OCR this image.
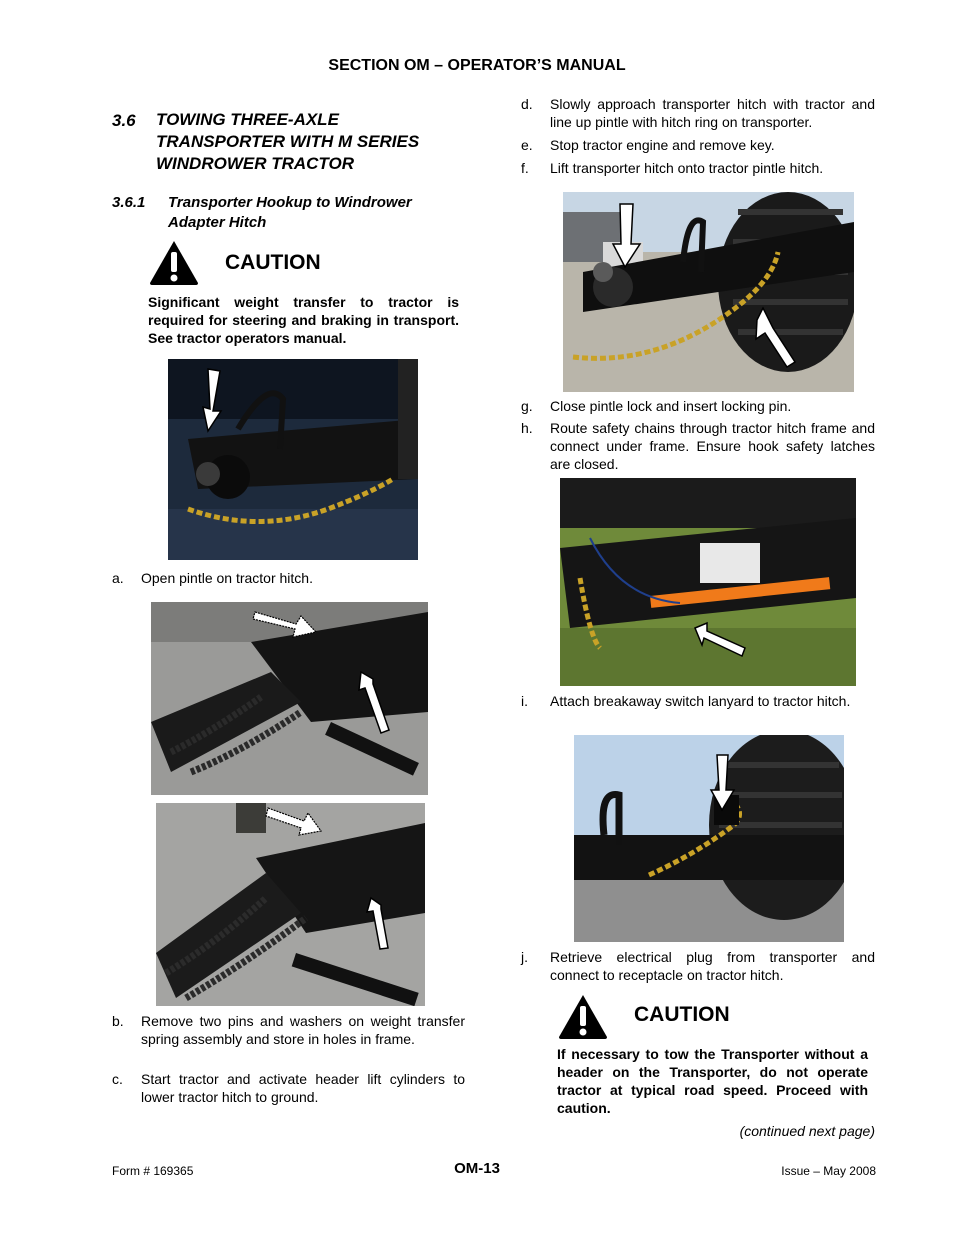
SECTION OM – OPERATOR’S MANUAL
3.6 TOWING THREE-AXLE
TRANSPORTER WITH M SERIES
WINDROWER TRACTOR
3.6.1 Transporter Hookup to Windrower
Adapter Hitch
CAUTION
Significant weight transfer to tractor is required for steering and braking in transport. See tractor operators manual.
a. Open pintle on tractor hitch.
b. Remove two pins and washers on weight transfer spring assembly and store in holes in frame.
c. Start tractor and activate header lift cylinders to lower tractor hitch to ground.
d. Slowly approach transporter hitch with tractor and line up pintle with hitch ring on transporter.
e. Stop tractor engine and remove key.
f. Lift transporter hitch onto tractor pintle hitch.
g. Close pintle lock and insert locking pin.
h. Route safety chains through tractor hitch frame and connect under frame. Ensure hook safety latches are closed.
i. Attach breakaway switch lanyard to tractor hitch.
j. Retrieve electrical plug from transporter and connect to receptacle on tractor hitch.
CAUTION
If necessary to tow the Transporter without a header on the Transporter, do not operate tractor at typical road speed. Proceed with caution.
(continued next page)
Form # 169365	OM-13	Issue – May 2008
